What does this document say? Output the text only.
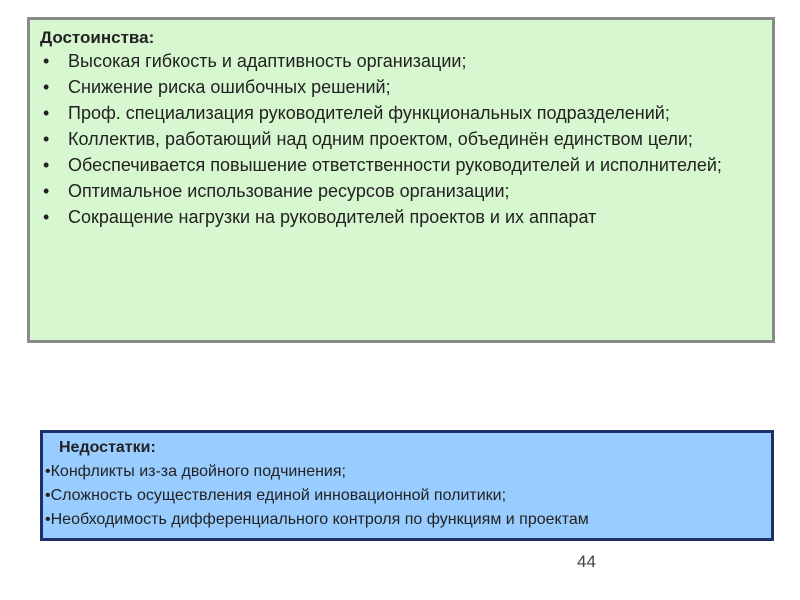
Достоинства:
• Высокая гибкость и адаптивность организации;
• Снижение риска ошибочных решений;
• Проф. специализация руководителей функциональных подразделений;
• Коллектив, работающий над одним проектом, объединён единством цели;
• Обеспечивается повышение ответственности руководителей и исполнителей;
• Оптимальное использование ресурсов организации;
• Сокращение нагрузки на руководителей проектов и их аппарат
Недостатки:
•Конфликты из-за двойного подчинения;
•Сложность осуществления единой инновационной политики;
•Необходимость дифференциального контроля по функциям и проектам
44
